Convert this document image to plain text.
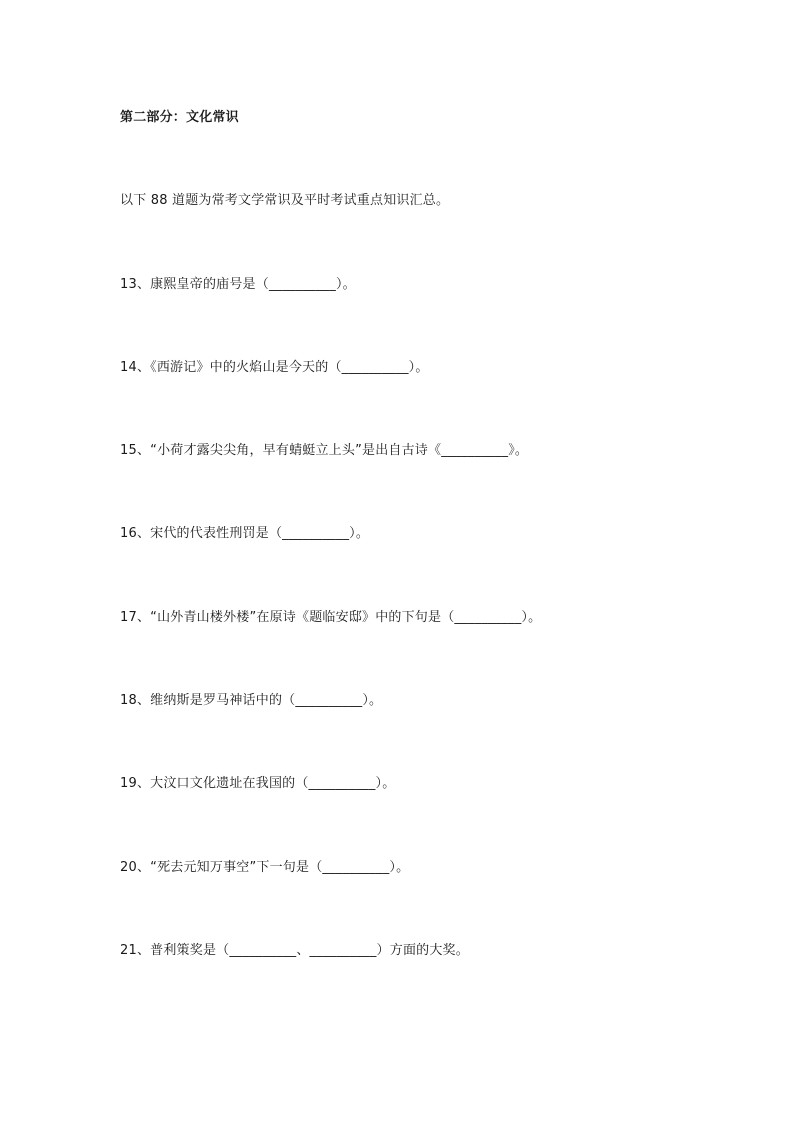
第二部分：文化常识
以下 88 道题为常考文学常识及平时考试重点知识汇总。
13、康熙皇帝的庙号是（__________）。
14、《西游记》中的火焰山是今天的（__________）。
15、“小荷才露尖尖角，早有蜻蜓立上头”是出自古诗《__________》。
16、宋代的代表性刑罚是（__________）。
17、“山外青山楼外楼”在原诗《题临安邸》中的下句是（__________）。
18、维纳斯是罗马神话中的（__________）。
19、大汶口文化遗址在我国的（__________）。
20、“死去元知万事空”下一句是（__________）。
21、普利策奖是（__________、__________）方面的大奖。
